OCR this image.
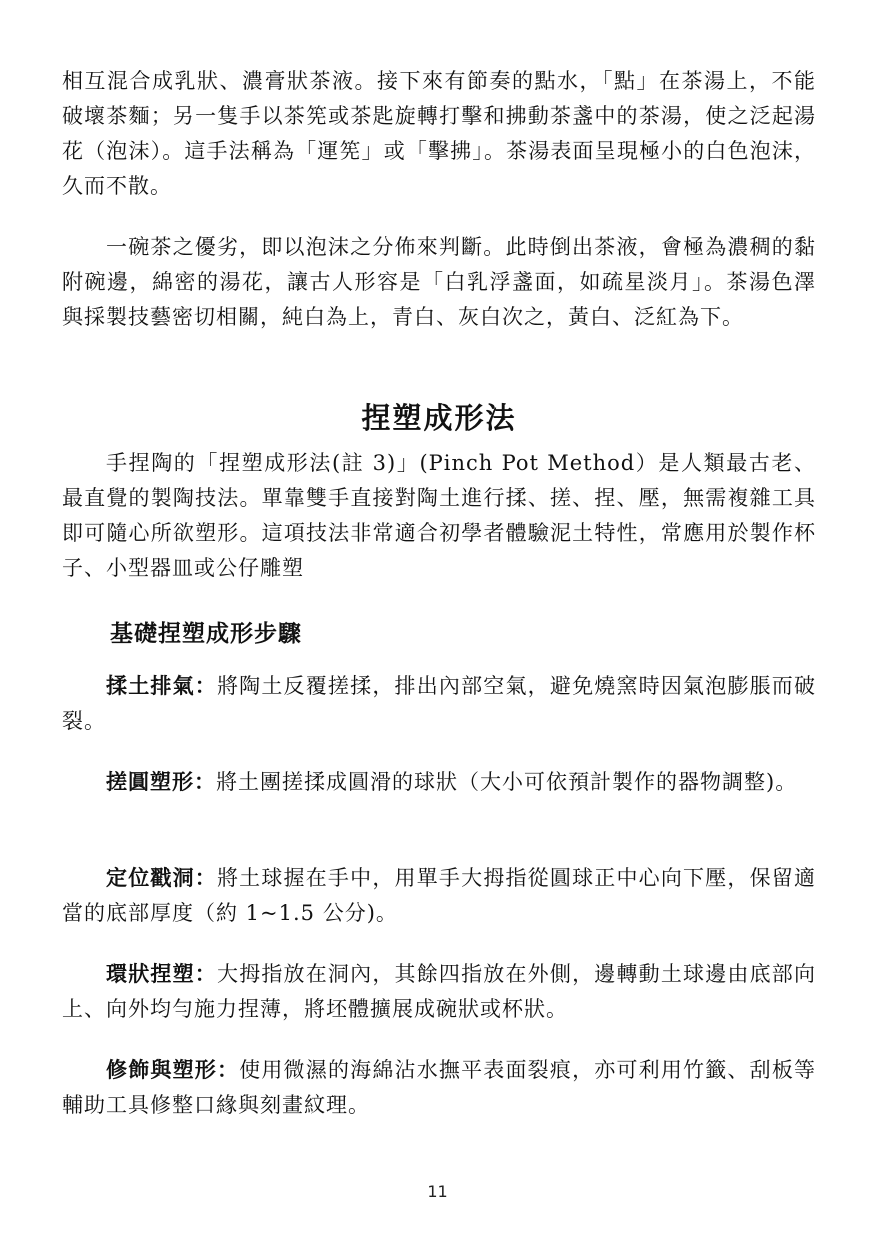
相互混合成乳狀、濃膏狀茶液。接下來有節奏的點水，「點」在茶湯上，不能破壞茶麵；另一隻手以茶筅或茶匙旋轉打擊和拂動茶盞中的茶湯，使之泛起湯花（泡沫）。這手法稱為「運筅」或「擊拂」。茶湯表面呈現極小的白色泡沫，久而不散。

一碗茶之優劣，即以泡沫之分佈來判斷。此時倒出茶液，會極為濃稠的黏附碗邊，綿密的湯花，讓古人形容是「白乳浮盞面，如疏星淡月」。茶湯色澤與採製技藝密切相關，純白為上，青白、灰白次之，黃白、泛紅為下。

捏塑成形法

手捏陶的「捏塑成形法(註 3)」(Pinch Pot Method）是人類最古老、最直覺的製陶技法。單靠雙手直接對陶土進行揉、搓、捏、壓，無需複雜工具即可隨心所欲塑形。這項技法非常適合初學者體驗泥土特性，常應用於製作杯子、小型器皿或公仔雕塑

基礎捏塑成形步驟

揉土排氣：將陶土反覆搓揉，排出內部空氣，避免燒窯時因氣泡膨脹而破裂。

搓圓塑形：將土團搓揉成圓滑的球狀（大小可依預計製作的器物調整)。

定位戳洞：將土球握在手中，用單手大拇指從圓球正中心向下壓，保留適當的底部厚度（約 1~1.5 公分)。

環狀捏塑：大拇指放在洞內，其餘四指放在外側，邊轉動土球邊由底部向上、向外均勻施力捏薄，將坯體擴展成碗狀或杯狀。

修飾與塑形：使用微濕的海綿沾水撫平表面裂痕，亦可利用竹籤、刮板等輔助工具修整口緣與刻畫紋理。

11
